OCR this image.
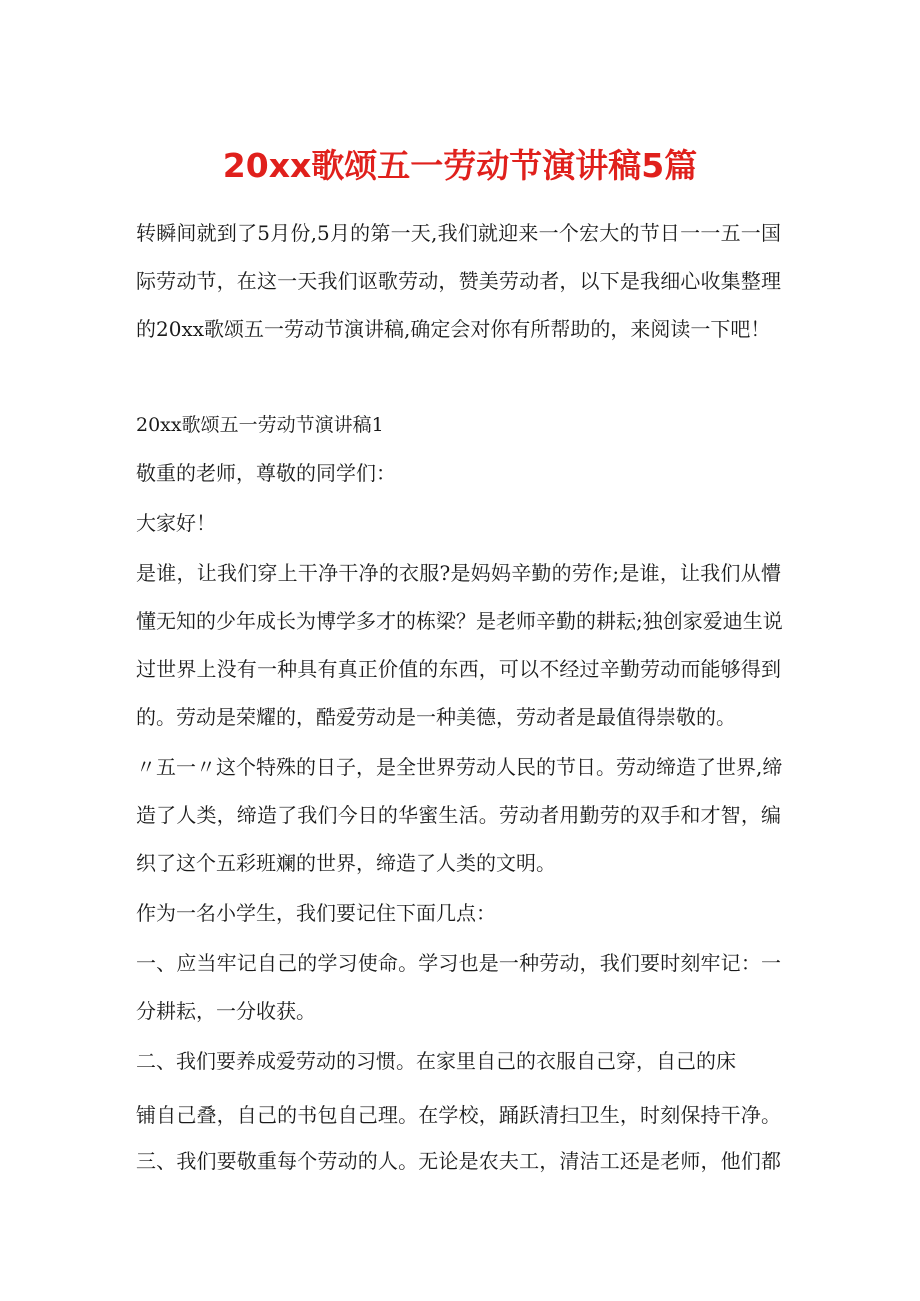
20xx歌颂五一劳动节演讲稿5篇
转瞬间就到了5月份,5月的第一天,我们就迎来一个宏大的节日一一五一国
际劳动节，在这一天我们讴歌劳动，赞美劳动者，以下是我细心收集整理
的20xx歌颂五一劳动节演讲稿,确定会对你有所帮助的，来阅读一下吧！
20xx歌颂五一劳动节演讲稿1
敬重的老师，尊敬的同学们：
大家好！
是谁，让我们穿上干净干净的衣服?是妈妈辛勤的劳作;是谁，让我们从懵
懂无知的少年成长为博学多才的栋梁？是老师辛勤的耕耘;独创家爱迪生说
过世界上没有一种具有真正价值的东西，可以不经过辛勤劳动而能够得到
的。劳动是荣耀的，酷爱劳动是一种美德，劳动者是最值得崇敬的。
〃五一〃这个特殊的日子，是全世界劳动人民的节日。劳动缔造了世界,缔
造了人类，缔造了我们今日的华蜜生活。劳动者用勤劳的双手和才智，编
织了这个五彩班斓的世界，缔造了人类的文明。
作为一名小学生，我们要记住下面几点：
一、应当牢记自己的学习使命。学习也是一种劳动，我们要时刻牢记：一
分耕耘，一分收获。
二、我们要养成爱劳动的习惯。在家里自己的衣服自己穿，自己的床
铺自己叠，自己的书包自己理。在学校，踊跃清扫卫生，时刻保持干净。
三、我们要敬重每个劳动的人。无论是农夫工，清洁工还是老师，他们都
